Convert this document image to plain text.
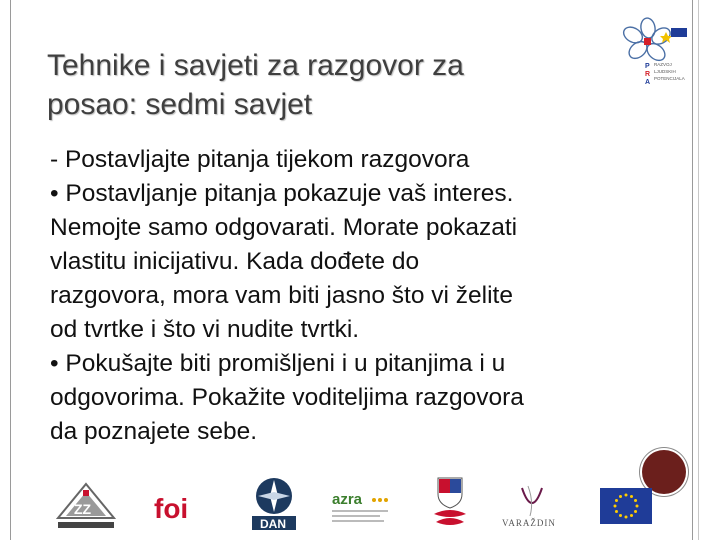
P
R
A
RAZVOJ
LJUDSKIH
POTENCIJALA
Tehnike i savjeti za razgovor za
posao: sedmi savjet

- Postavljajte pitanja tijekom razgovora

• Postavljanje pitanja pokazuje vaš interes.

Nemojte samo odgovarati. Morate pokazati

vlastitu inicijativu. Kada dođete do

razgovora, mora vam biti jasno što vi želite

od tvrtke i što vi nudite tvrtki.

• Pokušajte biti promišljeni i u pitanjima i u

odgovorima. Pokažite voditeljima razgovora

da poznajete sebe.

ZZ foi	DAN
azra
VARAŽDIN
